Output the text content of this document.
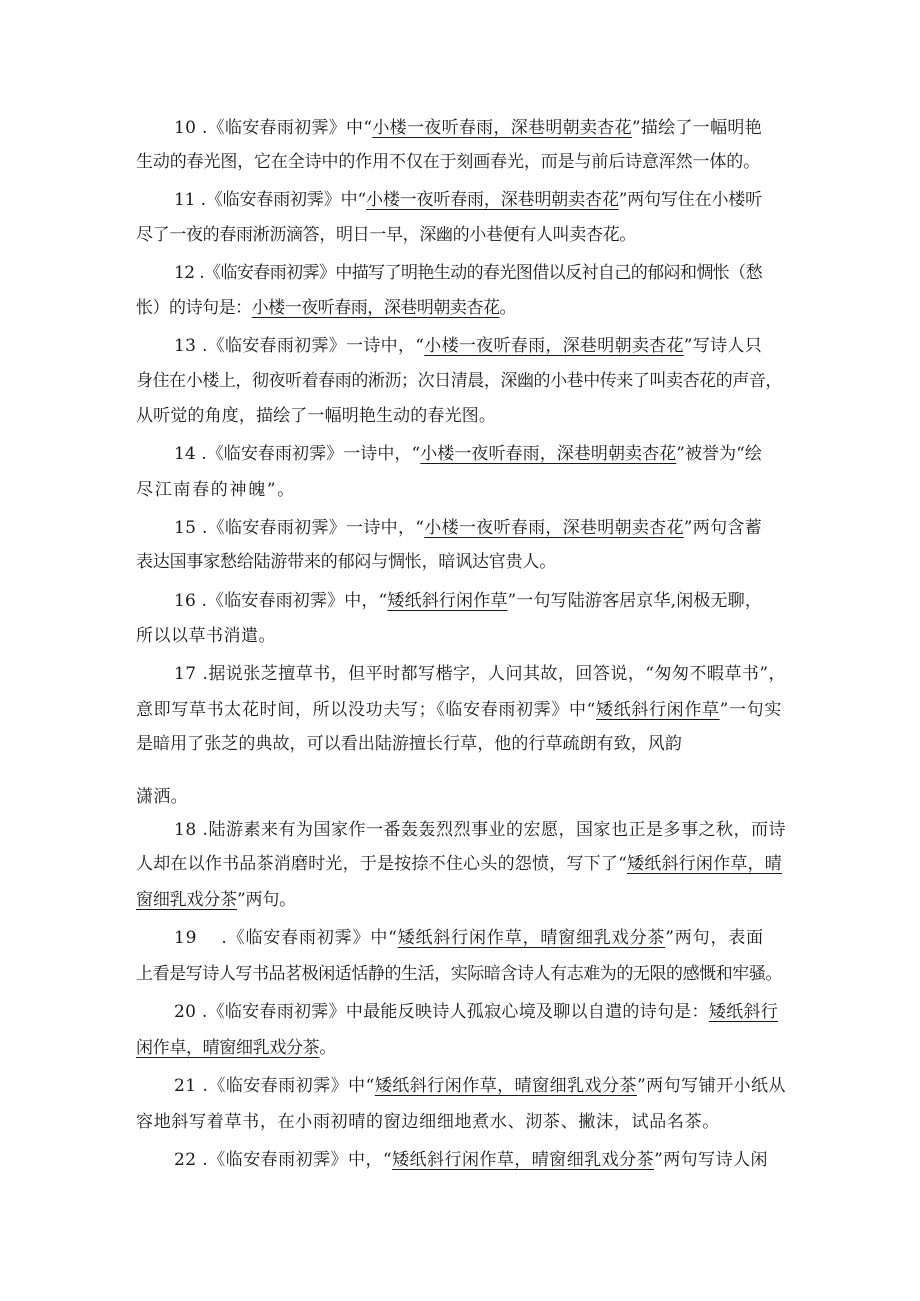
10 .《临安春雨初霁》中“小楼一夜听春雨，深巷明朝卖杏花”描绘了一幅明艳
生动的春光图，它在全诗中的作用不仅在于刻画春光，而是与前后诗意浑然一体的。
11 .《临安春雨初霁》中“小楼一夜听春雨，深巷明朝卖杏花”两句写住在小楼听
尽了一夜的春雨淅沥滴答，明日一早，深幽的小巷便有人叫卖杏花。
12 .《临安春雨初霁》中描写了明艳生动的春光图借以反衬自己的郁闷和惆怅（愁
怅）的诗句是：小楼一夜听春雨，深巷明朝卖杏花。
13 .《临安春雨初霁》一诗中，“小楼一夜听春雨，深巷明朝卖杏花”写诗人只
身住在小楼上，彻夜听着春雨的淅沥；次日清晨，深幽的小巷中传来了叫卖杏花的声音，
从听觉的角度，描绘了一幅明艳生动的春光图。
14 .《临安春雨初霁》一诗中，“小楼一夜听春雨，深巷明朝卖杏花”被誉为“绘
尽江南春的神魄”。
15 .《临安春雨初霁》一诗中，“小楼一夜听春雨，深巷明朝卖杏花”两句含蓄
表达国事家愁给陆游带来的郁闷与惆怅，暗讽达官贵人。
16 .《临安春雨初霁》中，“矮纸斜行闲作草”一句写陆游客居京华,闲极无聊，
所以以草书消遣。
17 .据说张芝擅草书，但平时都写楷字，人问其故，回答说，“匆匆不暇草书”，
意即写草书太花时间，所以没功夫写；《临安春雨初霁》中“矮纸斜行闲作草”一句实
是暗用了张芝的典故，可以看出陆游擅长行草，他的行草疏朗有致，风韵
潇洒。
18 .陆游素来有为国家作一番轰轰烈烈事业的宏愿，国家也正是多事之秋，而诗
人却在以作书品茶消磨时光，于是按捺不住心头的怨愤，写下了“矮纸斜行闲作草，晴
窗细乳戏分茶”两句。
19　 .《临安春雨初霁》中“矮纸斜行闲作草，晴窗细乳戏分茶”两句，表面
上看是写诗人写书品茗极闲适恬静的生活，实际暗含诗人有志难为的无限的感慨和牢骚。
20 .《临安春雨初霁》中最能反映诗人孤寂心境及聊以自遣的诗句是：矮纸斜行
闲作卓，晴窗细乳戏分茶。
21 .《临安春雨初霁》中“矮纸斜行闲作草，晴窗细乳戏分茶”两句写铺开小纸从
容地斜写着草书，在小雨初晴的窗边细细地煮水、沏茶、撇沫，试品名茶。
22 .《临安春雨初霁》中，“矮纸斜行闲作草，晴窗细乳戏分茶”两句写诗人闲
